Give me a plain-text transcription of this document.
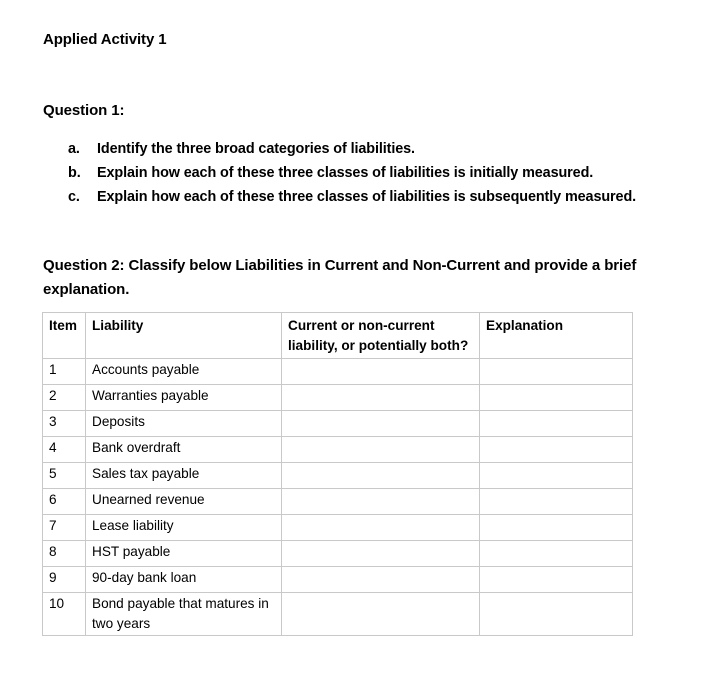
Applied Activity 1
Question 1:
a. Identify the three broad categories of liabilities.
b. Explain how each of these three classes of liabilities is initially measured.
c. Explain how each of these three classes of liabilities is subsequently measured.
Question 2: Classify below Liabilities in Current and Non-Current and provide a brief explanation.
Item	Liability	Current or non-current liability, or potentially both?	Explanation
1	Accounts payable		
2	Warranties payable		
3	Deposits		
4	Bank overdraft		
5	Sales tax payable		
6	Unearned revenue		
7	Lease liability		
8	HST payable		
9	90-day bank loan		
10	Bond payable that matures in two years		
